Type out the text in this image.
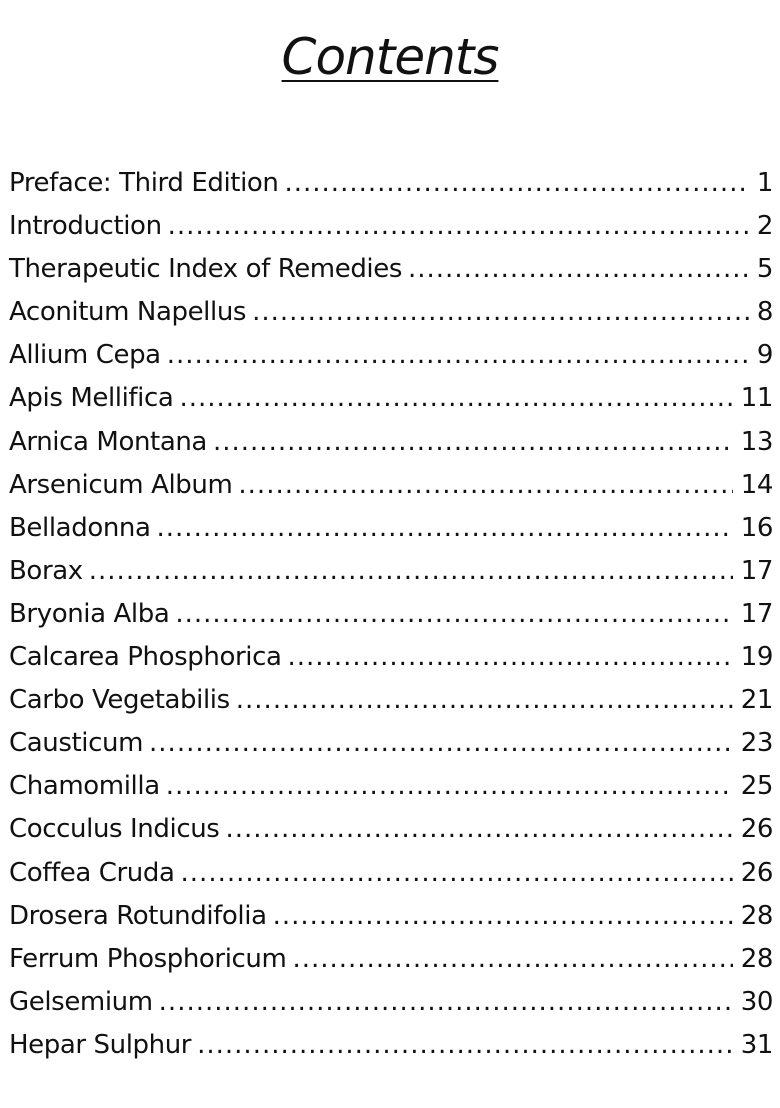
Contents
Preface: Third Edition .....	1
Introduction .....	2
Therapeutic Index of Remedies .....	5
Aconitum Napellus .....	8
Allium Cepa .....	9
Apis Mellifica .....	11
Arnica Montana .....	13
Arsenicum Album .....	14
Belladonna .....	16
Borax .....	17
Bryonia Alba .....	17
Calcarea Phosphorica .....	19
Carbo Vegetabilis .....	21
Causticum .....	23
Chamomilla .....	25
Cocculus Indicus .....	26
Coffea Cruda .....	26
Drosera Rotundifolia .....	28
Ferrum Phosphoricum .....	28
Gelsemium .....	30
Hepar Sulphur .....	31
